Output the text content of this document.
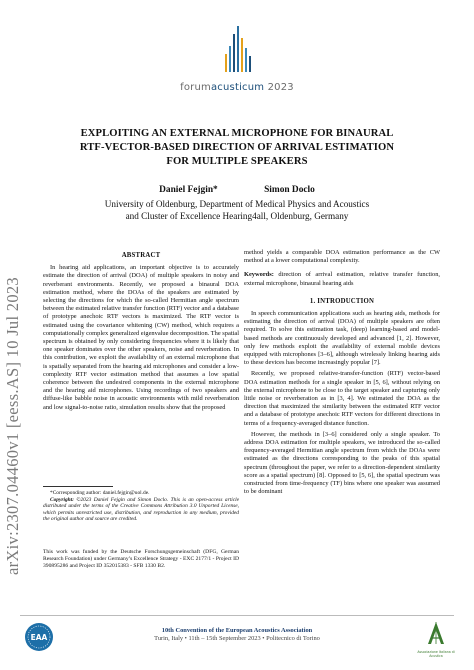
forumacusticum 2023
arXiv:2307.04460v1 [eess.AS] 10 Jul 2023
EXPLOITING AN EXTERNAL MICROPHONE FOR BINAURAL
RTF-VECTOR-BASED DIRECTION OF ARRIVAL ESTIMATION
FOR MULTIPLE SPEAKERS
Daniel Fejgin*	Simon Doclo
University of Oldenburg, Department of Medical Physics and Acoustics
and Cluster of Excellence Hearing4all, Oldenburg, Germany
ABSTRACT
In hearing aid applications, an important objective is to accurately estimate the direction of arrival (DOA) of multiple speakers in noisy and reverberant environments. Recently, we proposed a binaural DOA estimation method, where the DOAs of the speakers are estimated by selecting the directions for which the so-called Hermitian angle spectrum between the estimated relative transfer function (RTF) vector and a database of prototype anechoic RTF vectors is maximized. The RTF vector is estimated using the covariance whitening (CW) method, which requires a computationally complex generalized eigenvalue decomposition. The spatial spectrum is obtained by only considering frequencies where it is likely that one speaker dominates over the other speakers, noise and reverberation. In this contribution, we exploit the availability of an external microphone that is spatially separated from the hearing aid microphones and consider a low-complexity RTF vector estimation method that assumes a low spatial coherence between the undesired components in the external microphone and the hearing aid microphones. Using recordings of two speakers and diffuse-like babble noise in acoustic environments with mild reverberation and low signal-to-noise ratio, simulation results show that the proposed
*Corresponding author: daniel.fejgin@uol.de.
Copyright: ©2023 Daniel Fejgin and Simon Doclo. This is an open-access article distributed under the terms of the Creative Commons Attribution 3.0 Unported License, which permits unrestricted use, distribution, and reproduction in any medium, provided the original author and source are credited.
This work was funded by the Deutsche Forschungsgemeinschaft (DFG, German Research Foundation) under Germany’s Excellence Strategy - EXC 2177/1 - Project ID 390895286 and Project ID 352015383 - SFB 1330 B2.
method yields a comparable DOA estimation performance as the CW method at a lower computational complexity.
Keywords: direction of arrival estimation, relative transfer function, external microphone, binaural hearing aids
1. INTRODUCTION
In speech communication applications such as hearing aids, methods for estimating the direction of arrival (DOA) of multiple speakers are often required. To solve this estimation task, (deep) learning-based and model-based methods are continuously developed and advanced [1, 2]. However, only few methods exploit the availability of external mobile devices equipped with microphones [3–6], although wirelessly linking hearing aids to these devices has become increasingly popular [7].
Recently, we proposed relative-transfer-function (RTF) vector-based DOA estimation methods for a single speaker in [5, 6], without relying on the external microphone to be close to the target speaker and capturing only little noise or reverberation as in [3, 4]. We estimated the DOA as the direction that maximized the similarity between the estimated RTF vector and a database of prototype anechoic RTF vectors for different directions in terms of a frequency-averaged distance function.
However, the methods in [3–6] considered only a single speaker. To address DOA estimation for multiple speakers, we introduced the so-called frequency-averaged Hermitian angle spectrum from which the DOAs were estimated as the directions corresponding to the peaks of this spatial spectrum (throughout the paper, we refer to a direction-dependent similarity score as a spatial spectrum) [8]. Opposed to [5, 6], the spatial spectrum was constructed from time-frequency (TF) bins where one speaker was assumed to be dominant
EAA
10th Convention of the European Acoustics Association
Turin, Italy • 11th – 15th September 2023 • Politecnico di Torino
Associazione Italiana di Acustica
